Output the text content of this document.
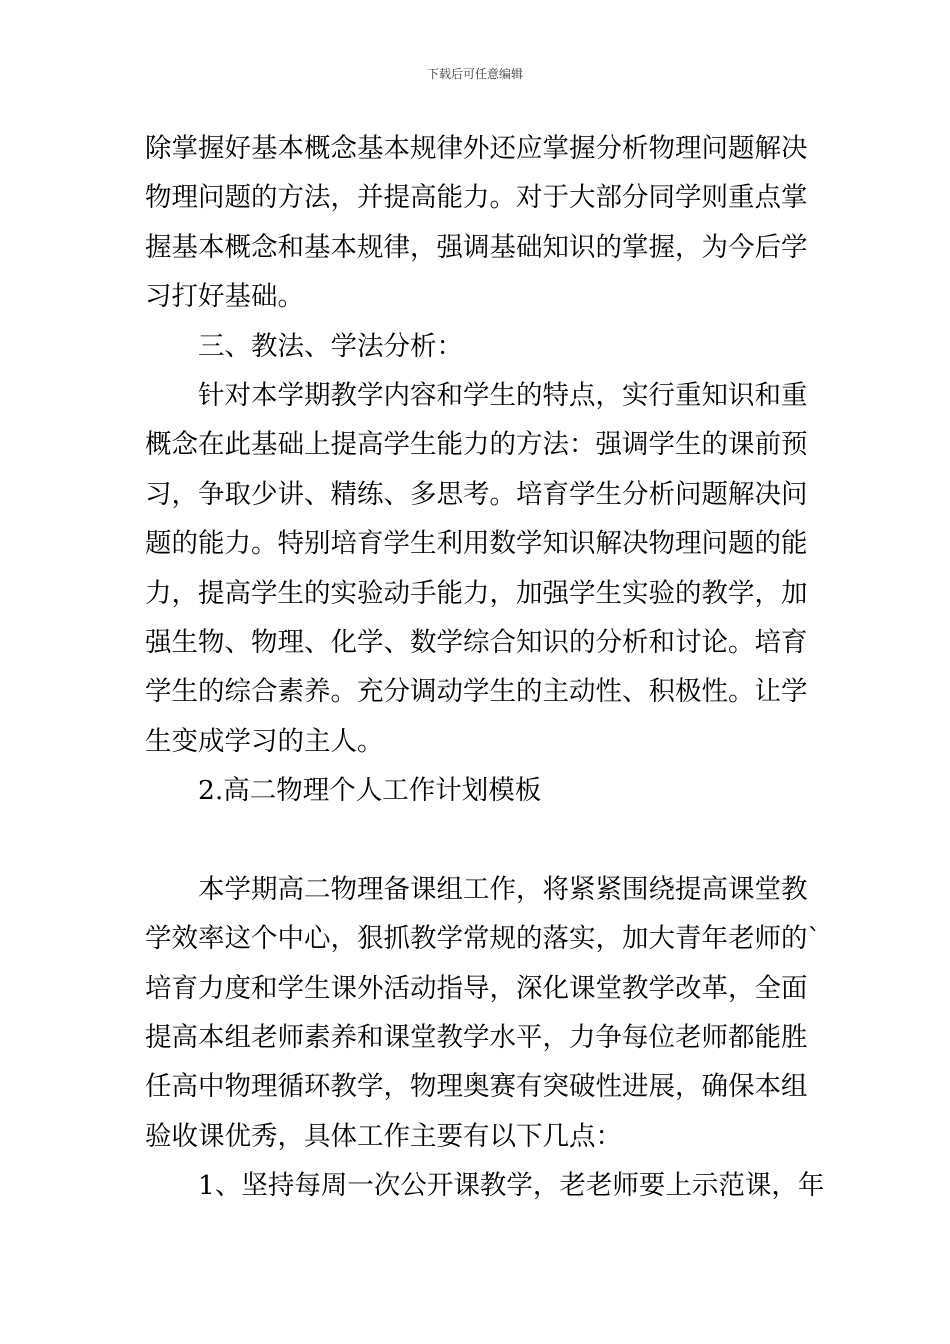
下载后可任意编辑
除掌握好基本概念基本规律外还应掌握分析物理问题解决
物理问题的方法，并提高能力。对于大部分同学则重点掌
握基本概念和基本规律，强调基础知识的掌握，为今后学
习打好基础。
三、教法、学法分析：
针对本学期教学内容和学生的特点，实行重知识和重
概念在此基础上提高学生能力的方法：强调学生的课前预
习，争取少讲、精练、多思考。培育学生分析问题解决问
题的能力。特别培育学生利用数学知识解决物理问题的能
力，提高学生的实验动手能力，加强学生实验的教学，加
强生物、物理、化学、数学综合知识的分析和讨论。培育
学生的综合素养。充分调动学生的主动性、积极性。让学
生变成学习的主人。
2.高二物理个人工作计划模板
本学期高二物理备课组工作，将紧紧围绕提高课堂教
学效率这个中心，狠抓教学常规的落实，加大青年老师的`
培育力度和学生课外活动指导，深化课堂教学改革，全面
提高本组老师素养和课堂教学水平，力争每位老师都能胜
任高中物理循环教学，物理奥赛有突破性进展，确保本组
验收课优秀，具体工作主要有以下几点：
1、坚持每周一次公开课教学，老老师要上示范课，年
